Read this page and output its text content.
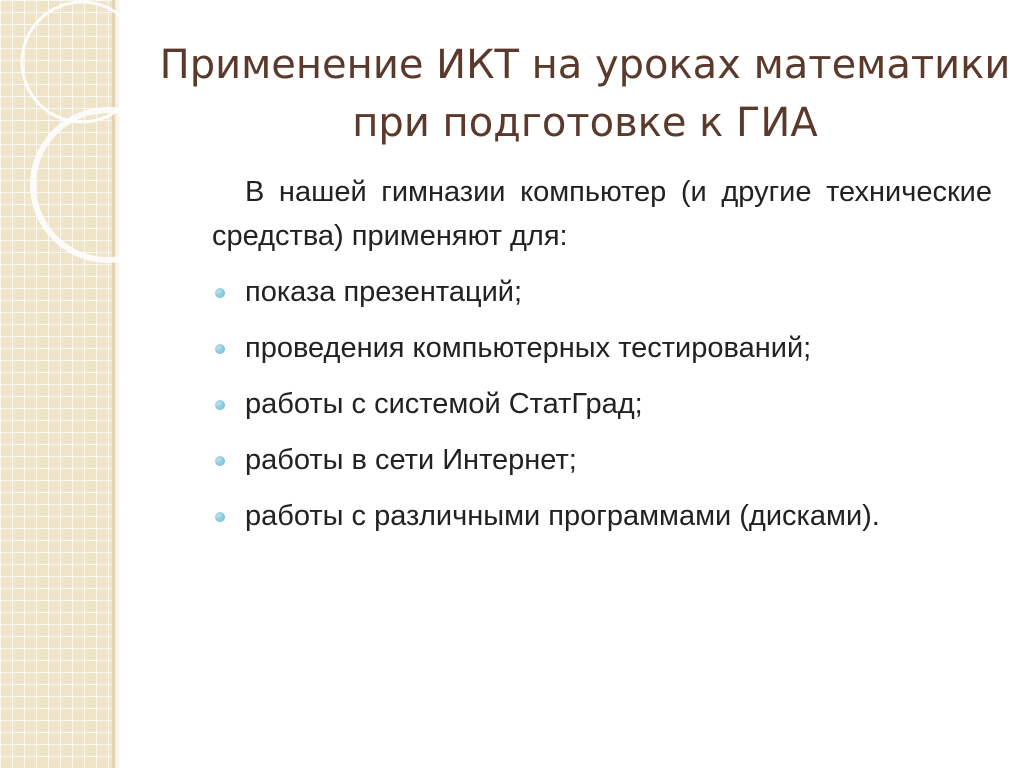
Применение ИКТ на уроках математики при подготовке к ГИА

В нашей гимназии компьютер (и другие технические средства) применяют для:

показа презентаций;
проведения компьютерных тестирований;
работы с системой СтатГрад;
работы в сети Интернет;
работы с различными программами (дисками).
